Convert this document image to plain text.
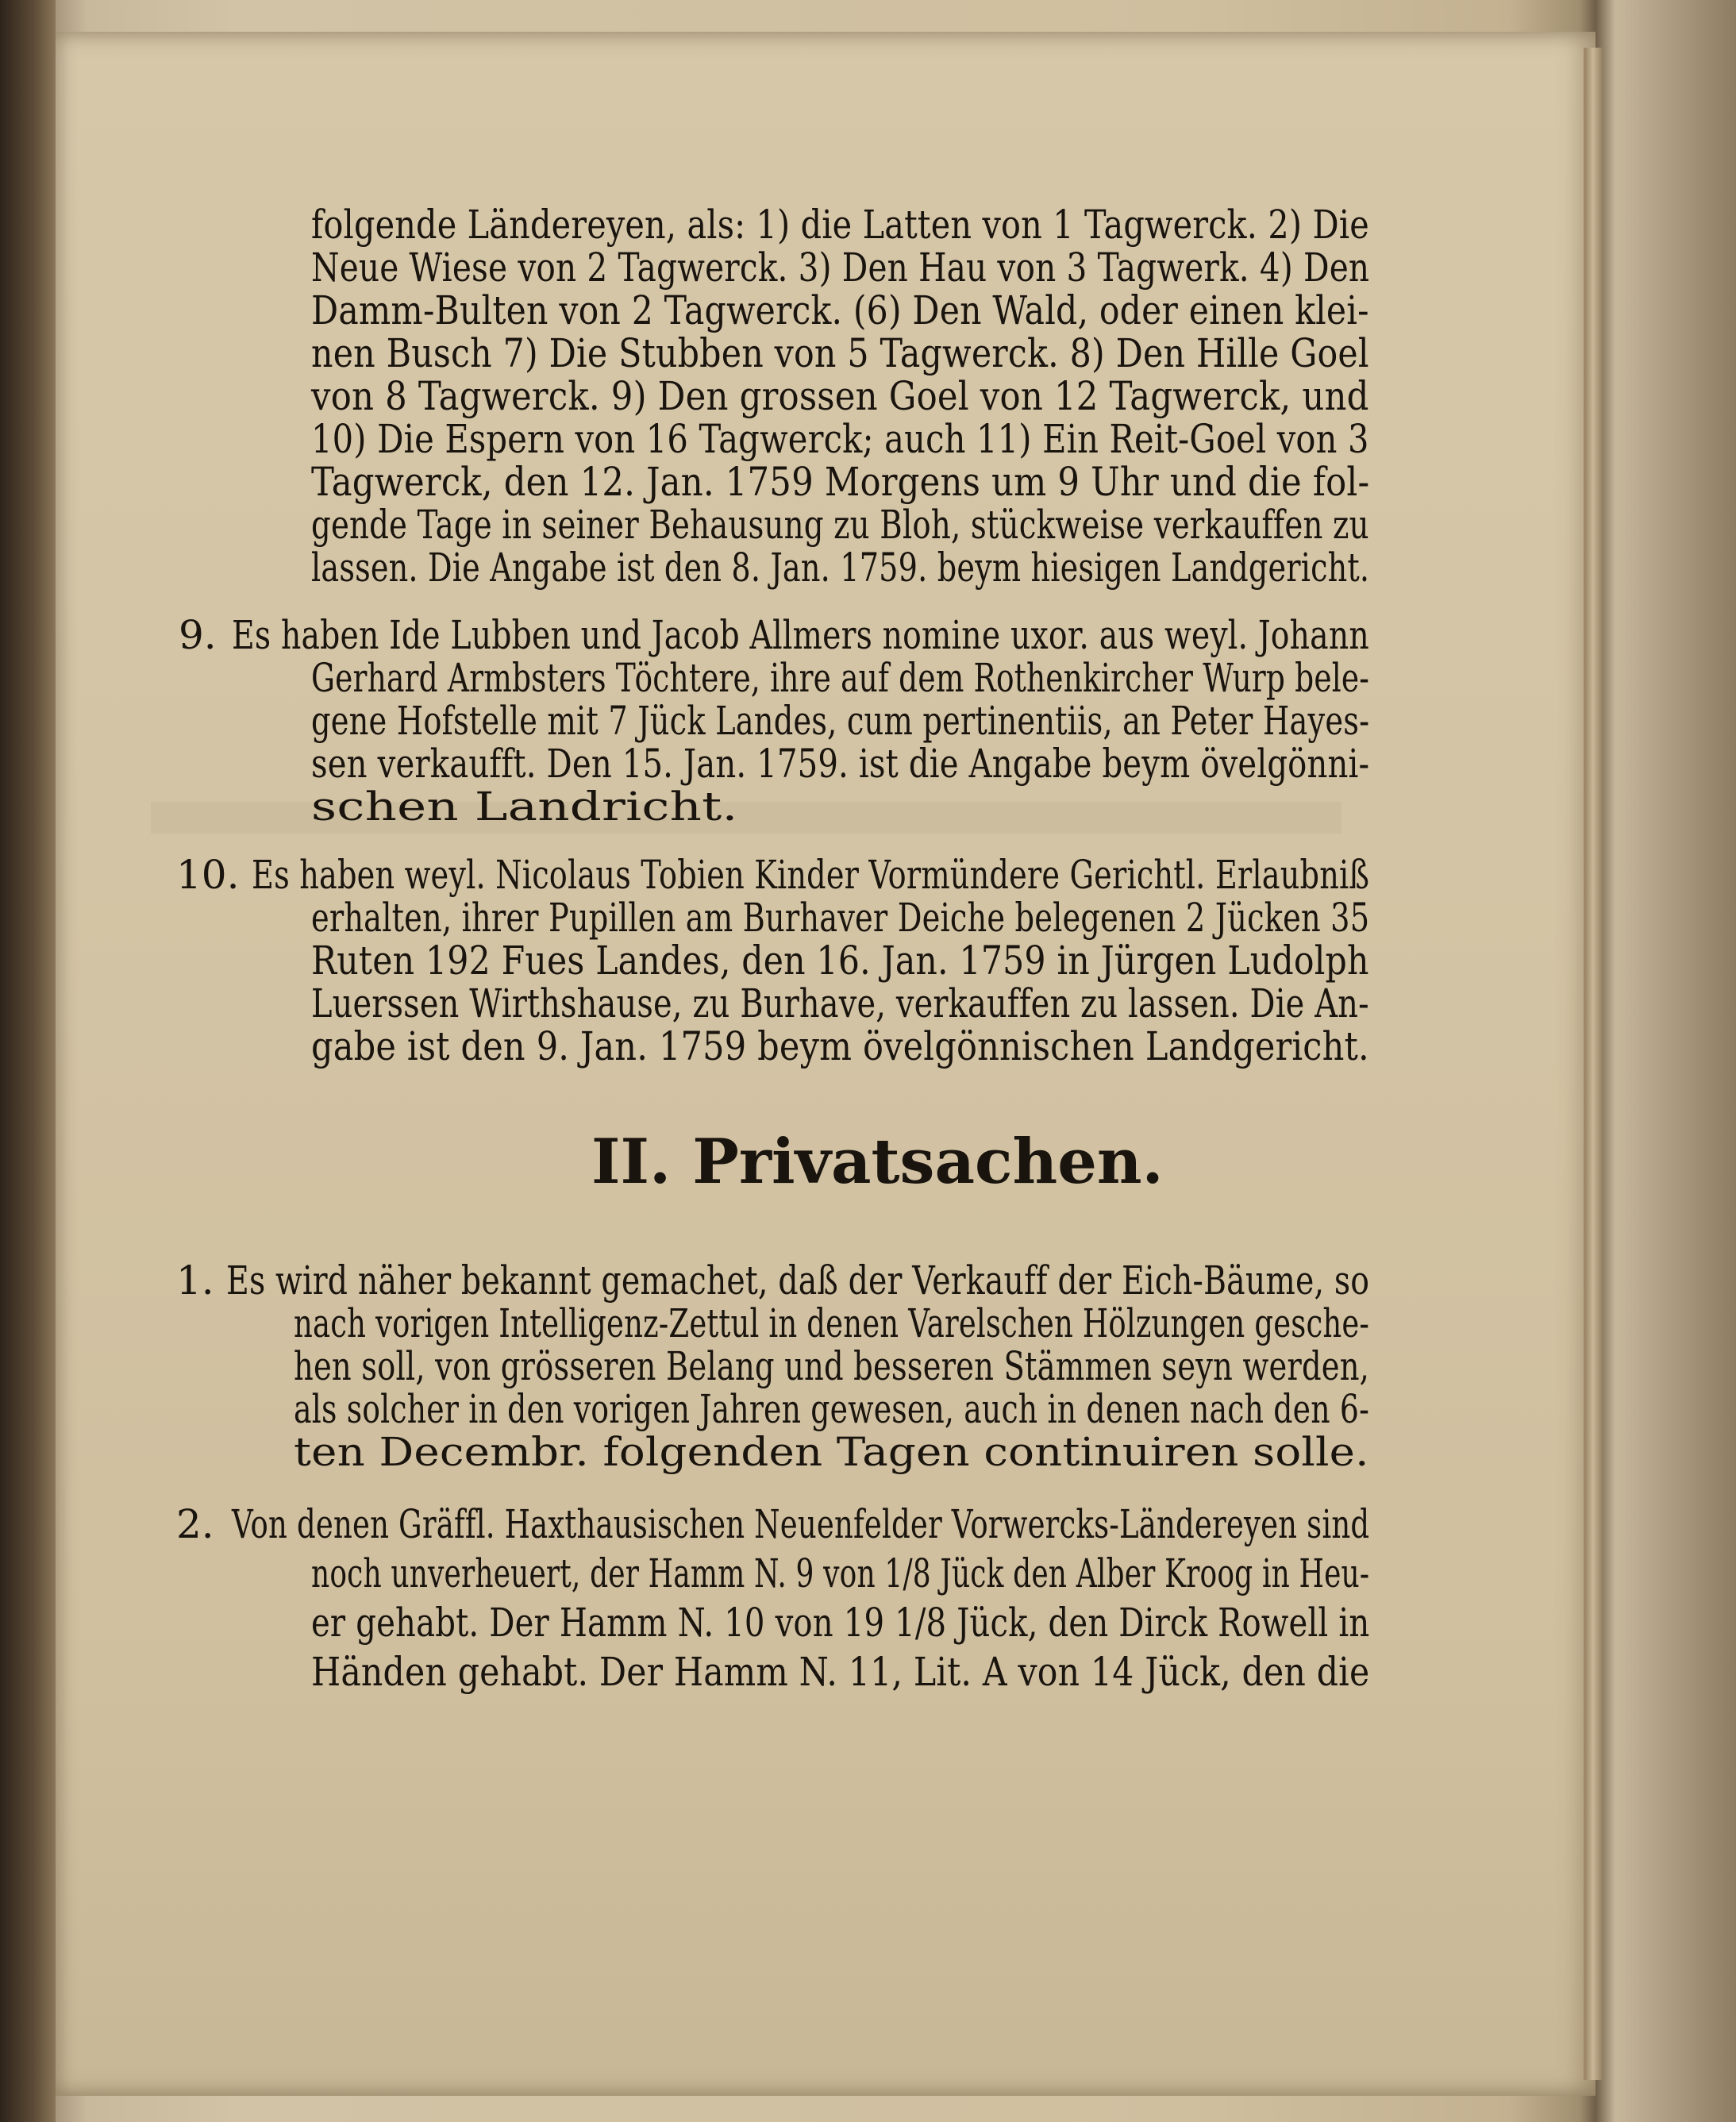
folgende Ländereyen, als: 1) die Latten von 1 Tagwerck. 2) Die
Neue Wiese von 2 Tagwerck. 3) Den Hau von 3 Tagwerk. 4) Den
Damm-Bulten von 2 Tagwerck. (6) Den Wald, oder einen klei-
nen Busch 7) Die Stubben von 5 Tagwerck. 8) Den Hille Goel
von 8 Tagwerck. 9) Den grossen Goel von 12 Tagwerck, und
10) Die Espern von 16 Tagwerck; auch 11) Ein Reit-Goel von 3
Tagwerck, den 12. Jan. 1759 Morgens um 9 Uhr und die fol-
gende Tage in seiner Behausung zu Bloh, stückweise verkauffen zu
lassen. Die Angabe ist den 8. Jan. 1759. beym hiesigen Landgericht.
9. Es haben Ide Lubben und Jacob Allmers nomine uxor. aus weyl. Johann
Gerhard Armbsters Töchtere, ihre auf dem Rothenkircher Wurp bele-
gene Hofstelle mit 7 Jück Landes, cum pertinentiis, an Peter Hayes-
sen verkaufft. Den 15. Jan. 1759. ist die Angabe beym övelgönni-
schen Landricht.
10. Es haben weyl. Nicolaus Tobien Kinder Vormündere Gerichtl. Erlaubniß
erhalten, ihrer Pupillen am Burhaver Deiche belegenen 2 Jücken 35
Ruten 192 Fues Landes, den 16. Jan. 1759 in Jürgen Ludolph
Luerssen Wirthshause, zu Burhave, verkauffen zu lassen. Die An-
gabe ist den 9. Jan. 1759 beym övelgönnischen Landgericht.
II. Privatsachen.
1. Es wird näher bekannt gemachet, daß der Verkauff der Eich-Bäume, so
nach vorigen Intelligenz-Zettul in denen Varelschen Hölzungen gesche-
hen soll, von grösseren Belang und besseren Stämmen seyn werden,
als solcher in den vorigen Jahren gewesen, auch in denen nach den 6-
ten Decembr. folgenden Tagen continuiren solle.
2. Von denen Gräffl. Haxthausischen Neuenfelder Vorwercks-Ländereyen sind
noch unverheuert, der Hamm N. 9 von 1/8 Jück den Alber Kroog in Heu-
er gehabt. Der Hamm N. 10 von 19 1/8 Jück, den Dirck Rowell in
Händen gehabt. Der Hamm N. 11, Lit. A von 14 Jück, den die
